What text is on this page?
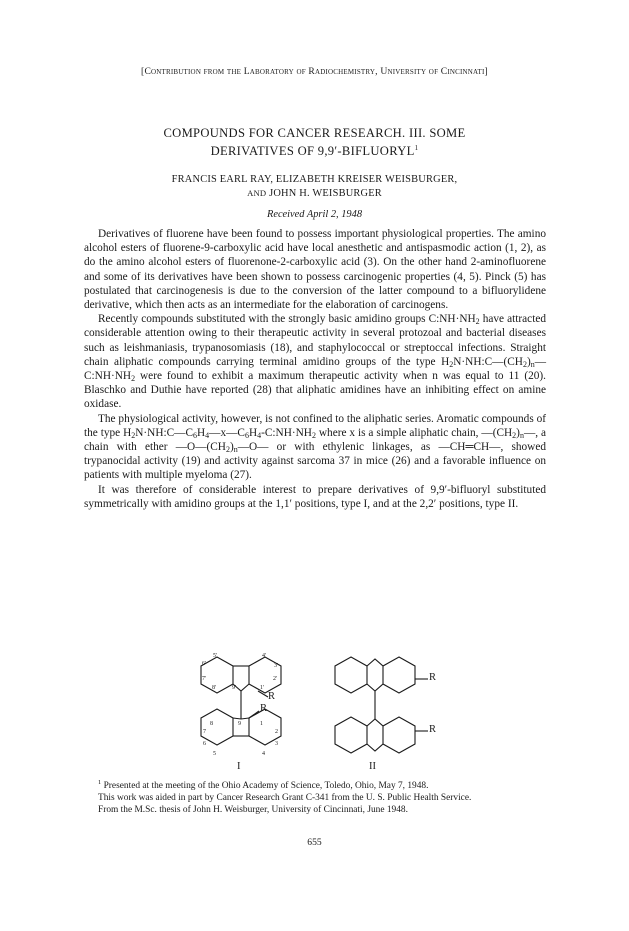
[Contribution from the Laboratory of Radiochemistry, University of Cincinnati]
COMPOUNDS FOR CANCER RESEARCH. III. SOME
DERIVATIVES OF 9,9′-BIFLUORYL$^1$
FRANCIS EARL RAY, ELIZABETH KREISER WEISBURGER,
AND JOHN H. WEISBURGER
Received April 2, 1948

Derivatives of fluorene have been found to possess important physiological properties. The amino alcohol esters of fluorene-9-carboxylic acid have local anesthetic and antispasmodic action (1, 2), as do the amino alcohol esters of fluorenone-2-carboxylic acid (3). On the other hand 2-aminofluorene and some of its derivatives have been shown to possess carcinogenic properties (4, 5). Pinck (5) has postulated that carcinogenesis is due to the conversion of the latter compound to a bifluorylidene derivative, which then acts as an intermediate for the elaboration of carcinogens.

Recently compounds substituted with the strongly basic amidino groups $C:NH\cdot NH_2$ have attracted considerable attention owing to their therapeutic activity in several protozoal and bacterial diseases such as leishmaniasis, trypanosomiasis (18), and staphylococcal or streptoccal infections. Straight chain aliphatic compounds carrying terminal amidino groups of the type $H_2N\cdot NH:C—(CH_2)_n—C:NH\cdot NH_2$ were found to exhibit a maximum therapeutic activity when n was equal to 11 (20). Blaschko and Duthie have reported (28) that aliphatic amidines have an inhibiting effect on amine oxidase.

The physiological activity, however, is not confined to the aliphatic series. Aromatic compounds of the type $H_2N\cdot NH:C—C_6H_4—x—C_6H_4-C:NH\cdot NH_2$ where x is a simple aliphatic chain, $—(CH_2)_n—$, a chain with ether $—O—(CH_2)_n—O—$ or with ethylenic linkages, as —CH═CH—, showed trypanocidal activity (19) and activity against sarcoma 37 in mice (26) and a favorable influence on patients with multiple myeloma (27).

It was therefore of considerable interest to prepare derivatives of 9,9′-bifluoryl substituted symmetrically with amidino groups at the 1,1′ positions, type I, and at the 2,2′ positions, type II.

I	II
R
R
R
R
6′
5′	4′
3′
7′
8′	9′	1′
2′
8	9	1
7	2
6	3
5	4

$^1$ Presented at the meeting of the Ohio Academy of Science, Toledo, Ohio, May 7, 1948.

This work was aided in part by Cancer Research Grant C-341 from the U. S. Public Health Service.

From the M.Sc. thesis of John H. Weisburger, University of Cincinnati, June 1948.

655
